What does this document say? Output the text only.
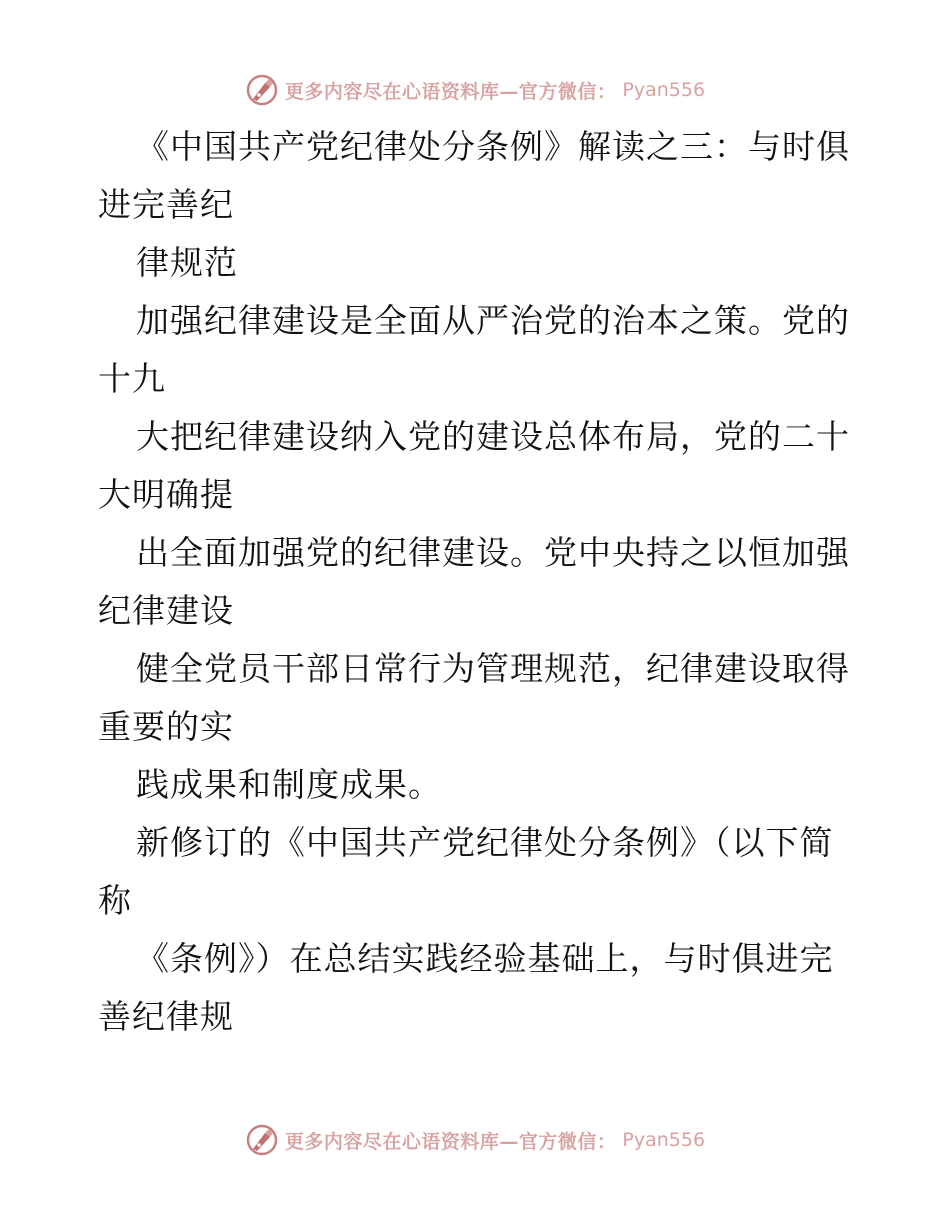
更多内容尽在心语资料库—官方微信： Pyan556
《中国共产党纪律处分条例》解读之三：与时俱
进完善纪
律规范
加强纪律建设是全面从严治党的治本之策。党的
十九
大把纪律建设纳入党的建设总体布局，党的二十
大明确提
出全面加强党的纪律建设。党中央持之以恒加强
纪律建设
健全党员干部日常行为管理规范，纪律建设取得
重要的实
践成果和制度成果。
新修订的《中国共产党纪律处分条例》（以下简
称
《条例》）在总结实践经验基础上，与时俱进完
善纪律规
更多内容尽在心语资料库—官方微信： Pyan556
